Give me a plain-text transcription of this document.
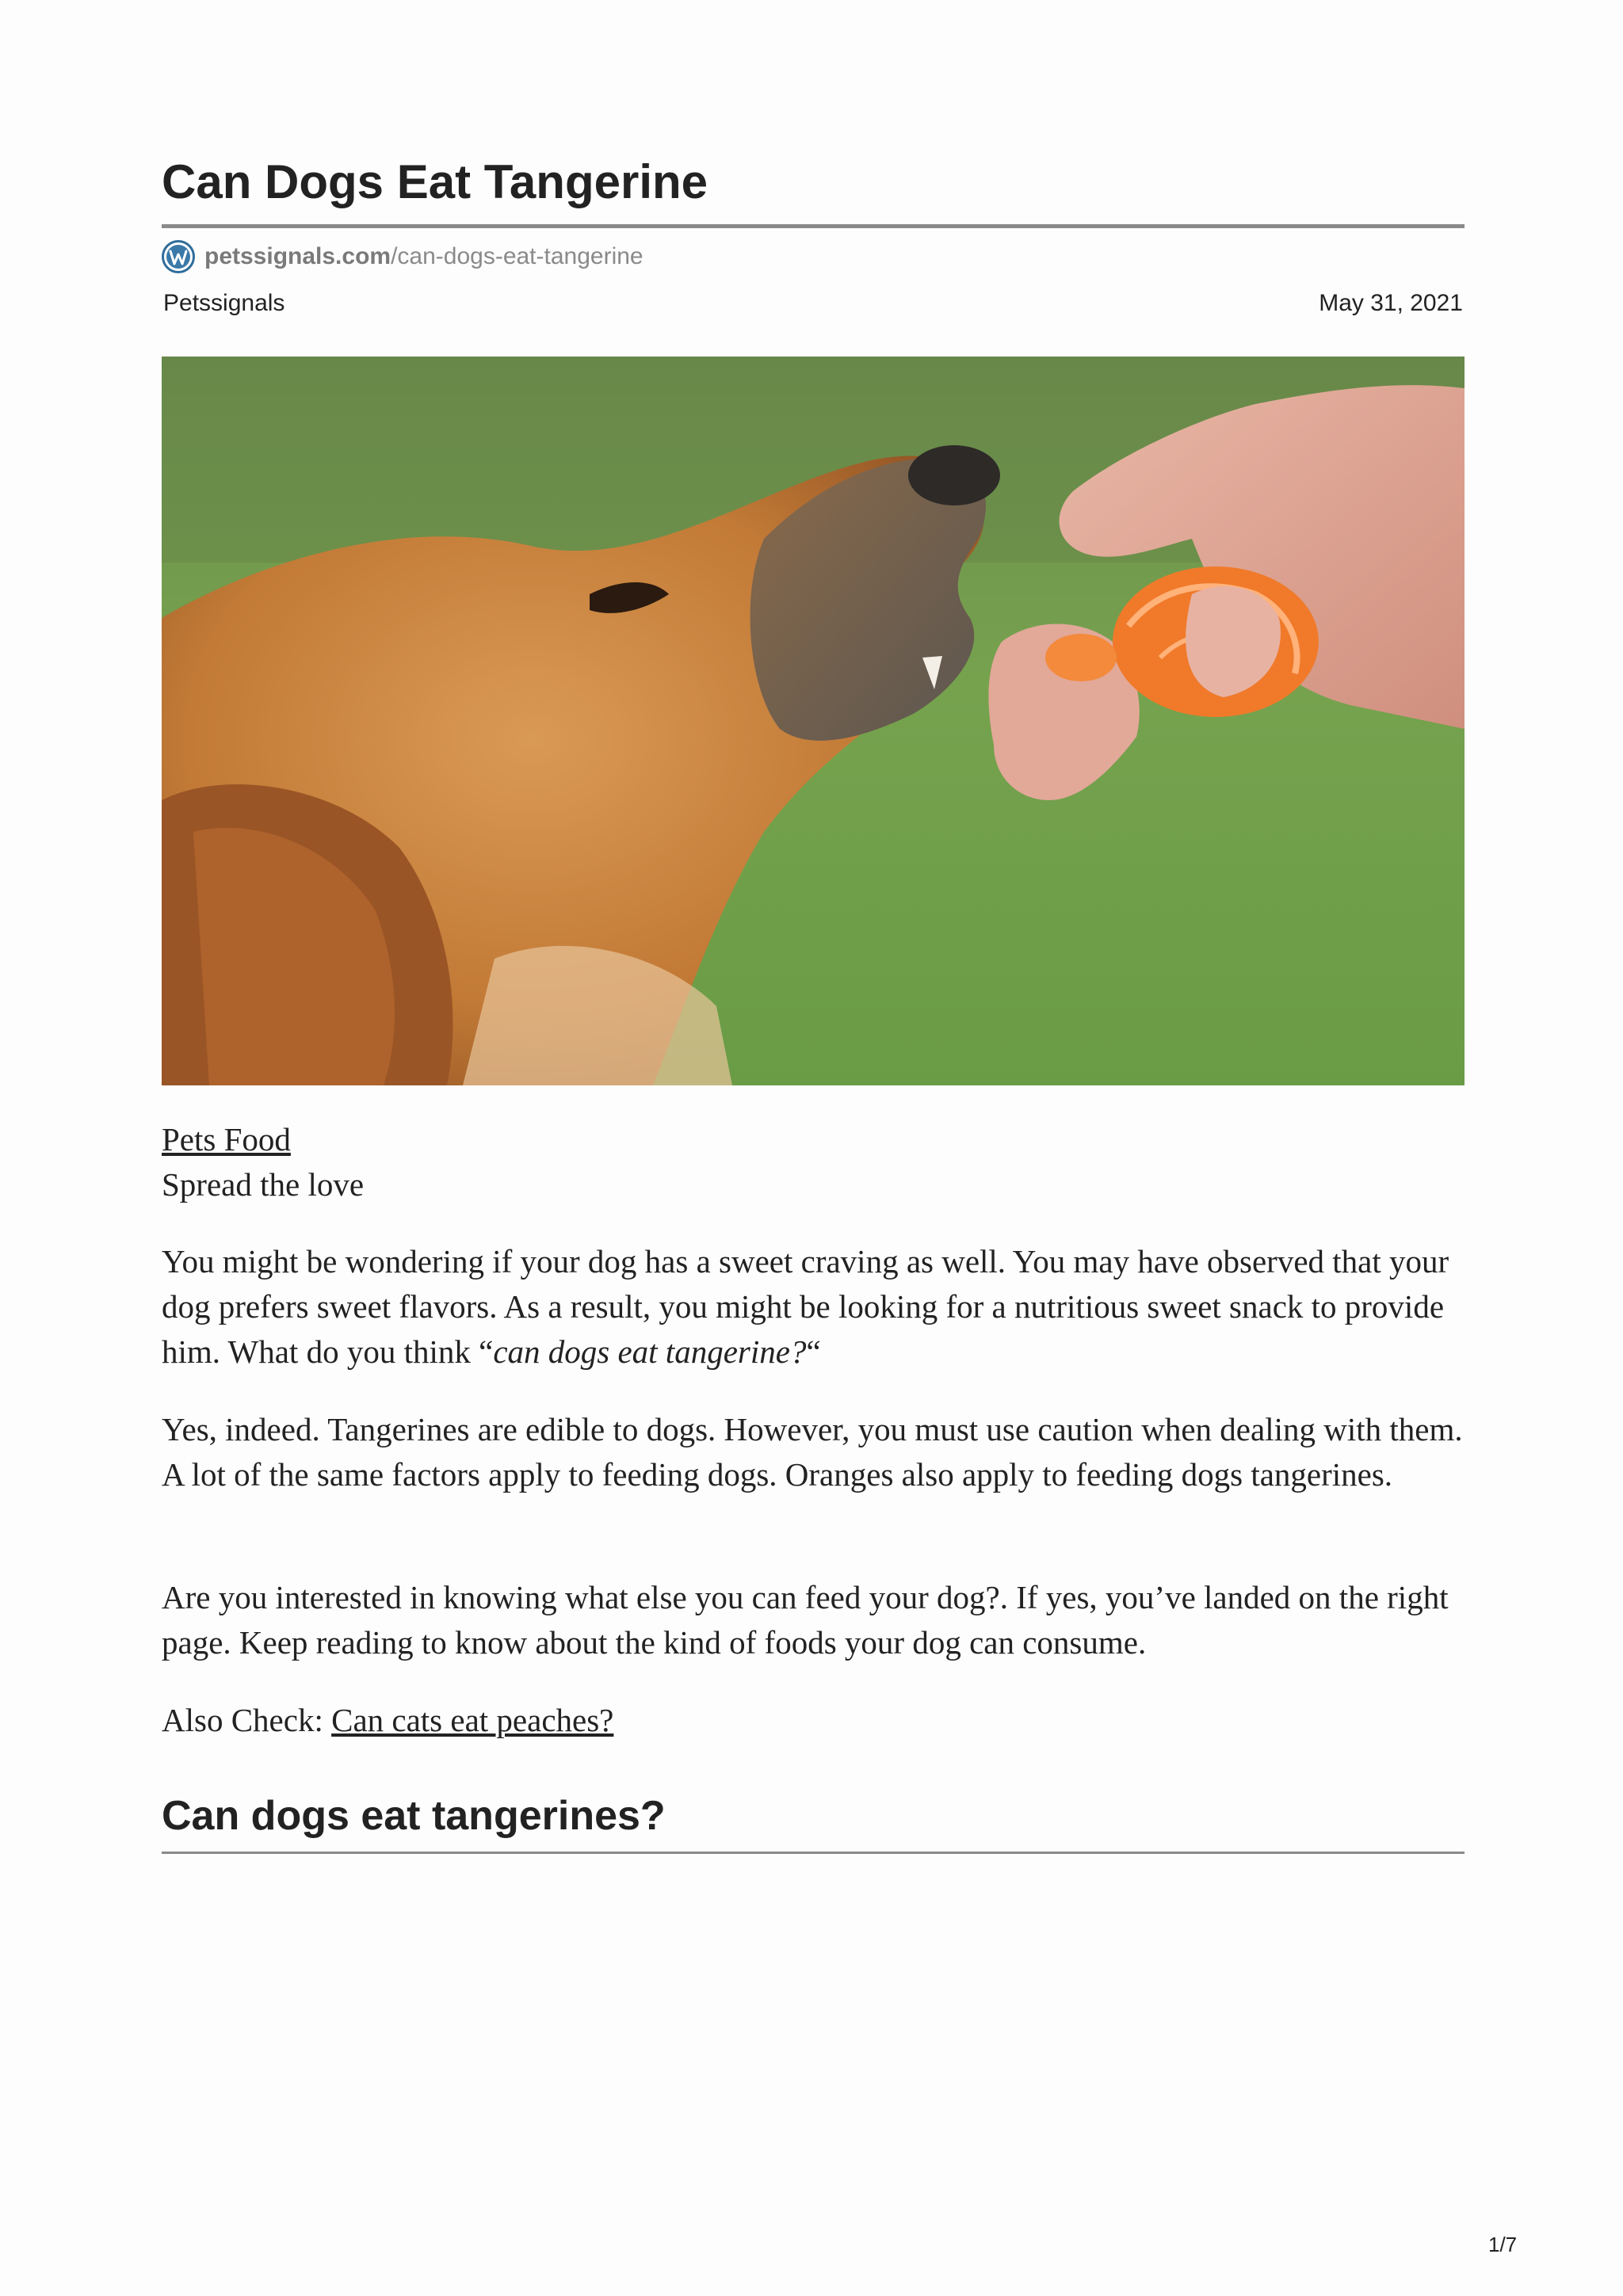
Can Dogs Eat Tangerine
petssignals.com /can-dogs-eat-tangerine
Petssignals	May 31, 2021
Pets Food
Spread the love

You might be wondering if your dog has a sweet craving as well. You may have observed that your dog prefers sweet flavors. As a result, you might be looking for a nutritious sweet snack to provide him. What do you think “can dogs eat tangerine?“

Yes, indeed. Tangerines are edible to dogs. However, you must use caution when dealing with them. A lot of the same factors apply to feeding dogs. Oranges also apply to feeding dogs tangerines.

Are you interested in knowing what else you can feed your dog?. If yes, you’ve landed on the right page. Keep reading to know about the kind of foods your dog can consume.

Also Check: Can cats eat peaches?

Can dogs eat tangerines?
1/7
